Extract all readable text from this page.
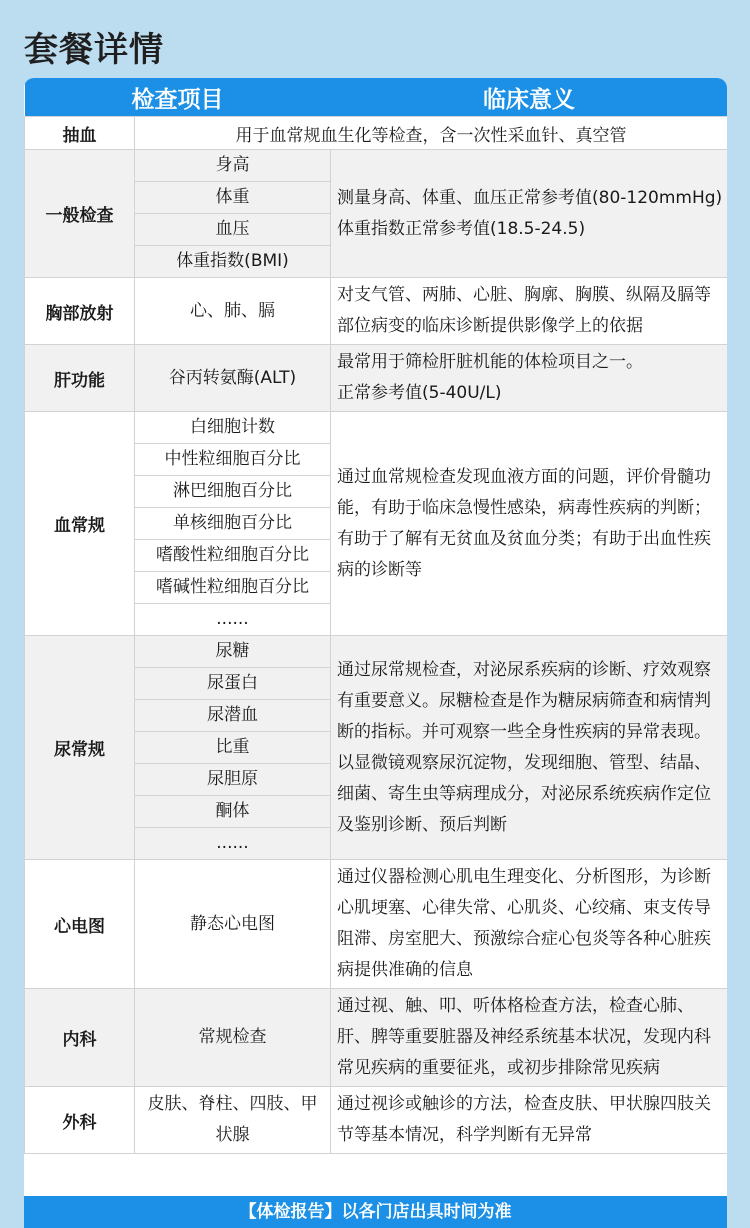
套餐详情
检查项目		临床意义
抽血	用于血常规血生化等检查，含一次性采血针、真空管	
一般检查	身高	测量身高、体重、血压正常参考值(80-120mmHg)
体重指数正常参考值(18.5-24.5)

	体重	
	血压	
	体重指数(BMI)	
胸部放射	心、肺、膈	对支气管、两肺、心脏、胸廓、胸膜、纵隔及膈等部位病变的临床诊断提供影像学上的依据
肝功能	谷丙转氨酶(ALT)	最常用于筛检肝脏机能的体检项目之一。
正常参考值(5-40U/L)

血常规	白细胞计数	通过血常规检查发现血液方面的问题，评价骨髓功能，有助于临床急慢性感染，病毒性疾病的判断；有助于了解有无贫血及贫血分类；有助于出血性疾病的诊断等
	中性粒细胞百分比	
	淋巴细胞百分比	
	单核细胞百分比	
	嗜酸性粒细胞百分比	
	嗜碱性粒细胞百分比	
	......	
尿常规	尿糖	通过尿常规检查，对泌尿系疾病的诊断、疗效观察有重要意义。尿糖检查是作为糖尿病筛查和病情判断的指标。并可观察一些全身性疾病的异常表现。以显微镜观察尿沉淀物，发现细胞、管型、结晶、细菌、寄生虫等病理成分，对泌尿系统疾病作定位及鉴别诊断、预后判断
	尿蛋白	
	尿潜血	
	比重	
	尿胆原	
	酮体	
	......	
心电图	静态心电图	通过仪器检测心肌电生理变化、分析图形，为诊断心肌埂塞、心律失常、心肌炎、心绞痛、束支传导阻滞、房室肥大、预激综合症心包炎等各种心脏疾病提供准确的信息
内科	常规检查	通过视、触、叩、听体格检查方法，检查心肺、肝、脾等重要脏器及神经系统基本状况，发现内科常见疾病的重要征兆，或初步排除常见疾病
外科	皮肤、脊柱、四肢、甲状腺	通过视诊或触诊的方法，检查皮肤、甲状腺四肢关节等基本情况，科学判断有无异常
【体检报告】以各门店出具时间为准
